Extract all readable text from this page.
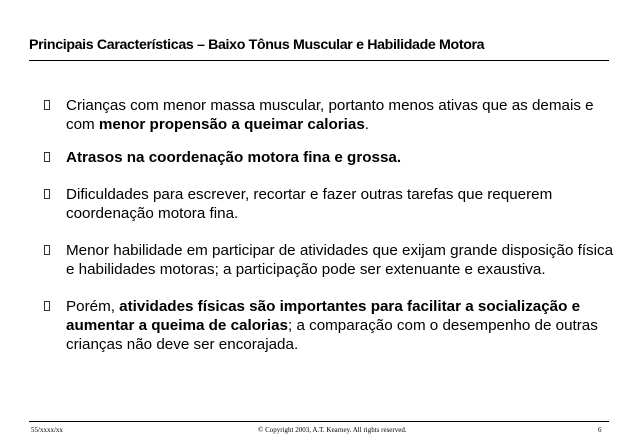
Principais Características – Baixo Tônus Muscular e Habilidade Motora
Crianças com menor massa muscular, portanto menos ativas que as demais e com menor propensão a queimar calorias.
Atrasos na coordenação motora fina e grossa.
Dificuldades para escrever, recortar e fazer outras tarefas que requerem coordenação motora fina.
Menor habilidade em participar de atividades que exijam grande disposição física e habilidades motoras; a participação pode ser extenuante e exaustiva.
Porém, atividades físicas são importantes para facilitar a socialização e aumentar a queima de calorias; a comparação com o desempenho de outras crianças não deve ser encorajada.
55/xxxx/xx	© Copyright 2003, A.T. Kearney. All rights reserved.	6
